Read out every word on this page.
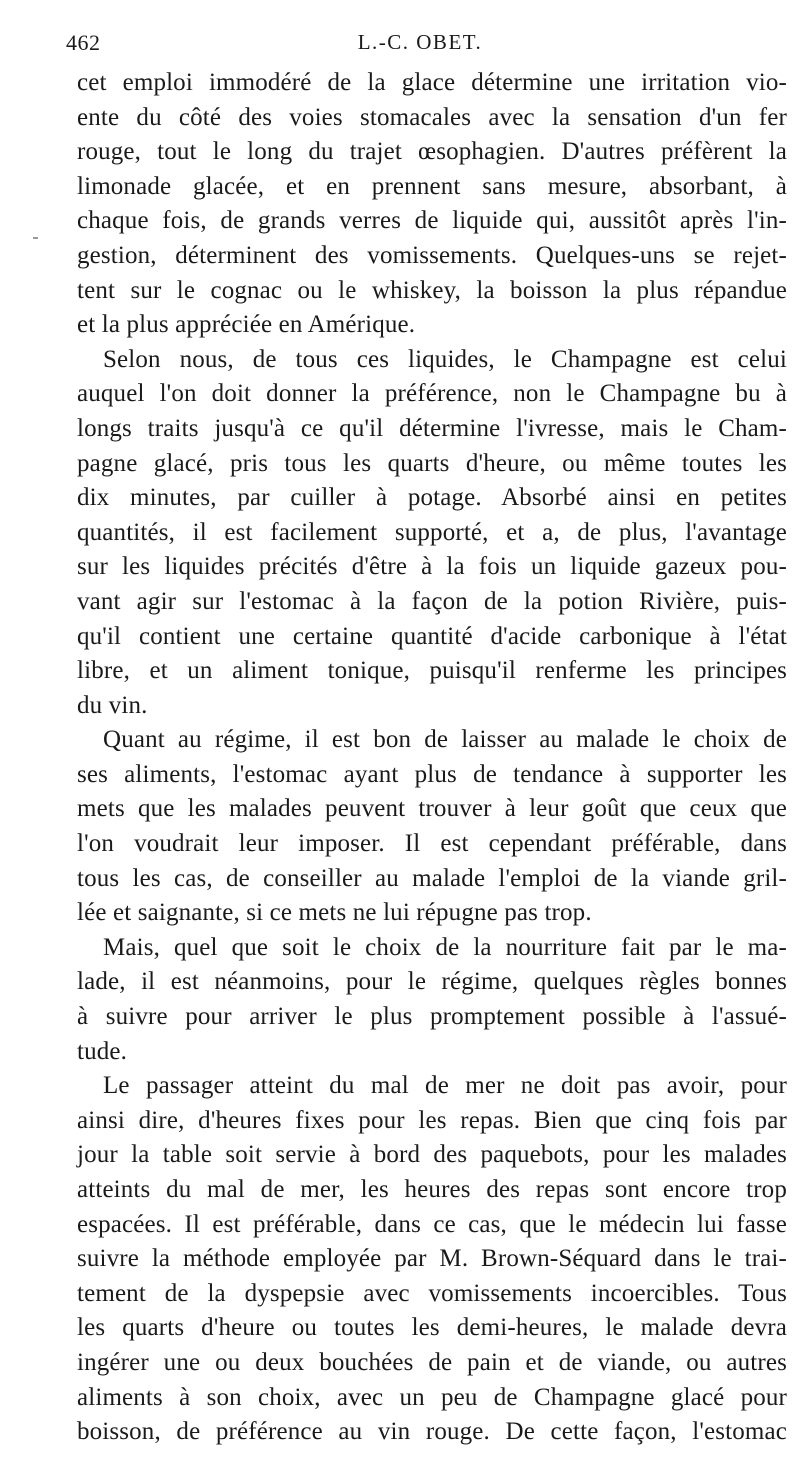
462	L.-C. OBET.
cet emploi immodéré de la glace détermine une irritation vio-
ente du côté des voies stomacales avec la sensation d'un fer
rouge, tout le long du trajet œsophagien. D'autres préfèrent la
limonade glacée, et en prennent sans mesure, absorbant, à
chaque fois, de grands verres de liquide qui, aussitôt après l'in-
gestion, déterminent des vomissements. Quelques-uns se rejet-
tent sur le cognac ou le whiskey, la boisson la plus répandue
et la plus appréciée en Amérique.
Selon nous, de tous ces liquides, le Champagne est celui
auquel l'on doit donner la préférence, non le Champagne bu à
longs traits jusqu'à ce qu'il détermine l'ivresse, mais le Cham-
pagne glacé, pris tous les quarts d'heure, ou même toutes les
dix minutes, par cuiller à potage. Absorbé ainsi en petites
quantités, il est facilement supporté, et a, de plus, l'avantage
sur les liquides précités d'être à la fois un liquide gazeux pou-
vant agir sur l'estomac à la façon de la potion Rivière, puis-
qu'il contient une certaine quantité d'acide carbonique à l'état
libre, et un aliment tonique, puisqu'il renferme les principes
du vin.
Quant au régime, il est bon de laisser au malade le choix de
ses aliments, l'estomac ayant plus de tendance à supporter les
mets que les malades peuvent trouver à leur goût que ceux que
l'on voudrait leur imposer. Il est cependant préférable, dans
tous les cas, de conseiller au malade l'emploi de la viande gril-
lée et saignante, si ce mets ne lui répugne pas trop.
Mais, quel que soit le choix de la nourriture fait par le ma-
lade, il est néanmoins, pour le régime, quelques règles bonnes
à suivre pour arriver le plus promptement possible à l'assué-
tude.
Le passager atteint du mal de mer ne doit pas avoir, pour
ainsi dire, d'heures fixes pour les repas. Bien que cinq fois par
jour la table soit servie à bord des paquebots, pour les malades
atteints du mal de mer, les heures des repas sont encore trop
espacées. Il est préférable, dans ce cas, que le médecin lui fasse
suivre la méthode employée par M. Brown-Séquard dans le trai-
tement de la dyspepsie avec vomissements incoercibles. Tous
les quarts d'heure ou toutes les demi-heures, le malade devra
ingérer une ou deux bouchées de pain et de viande, ou autres
aliments à son choix, avec un peu de Champagne glacé pour
boisson, de préférence au vin rouge. De cette façon, l'estomac
